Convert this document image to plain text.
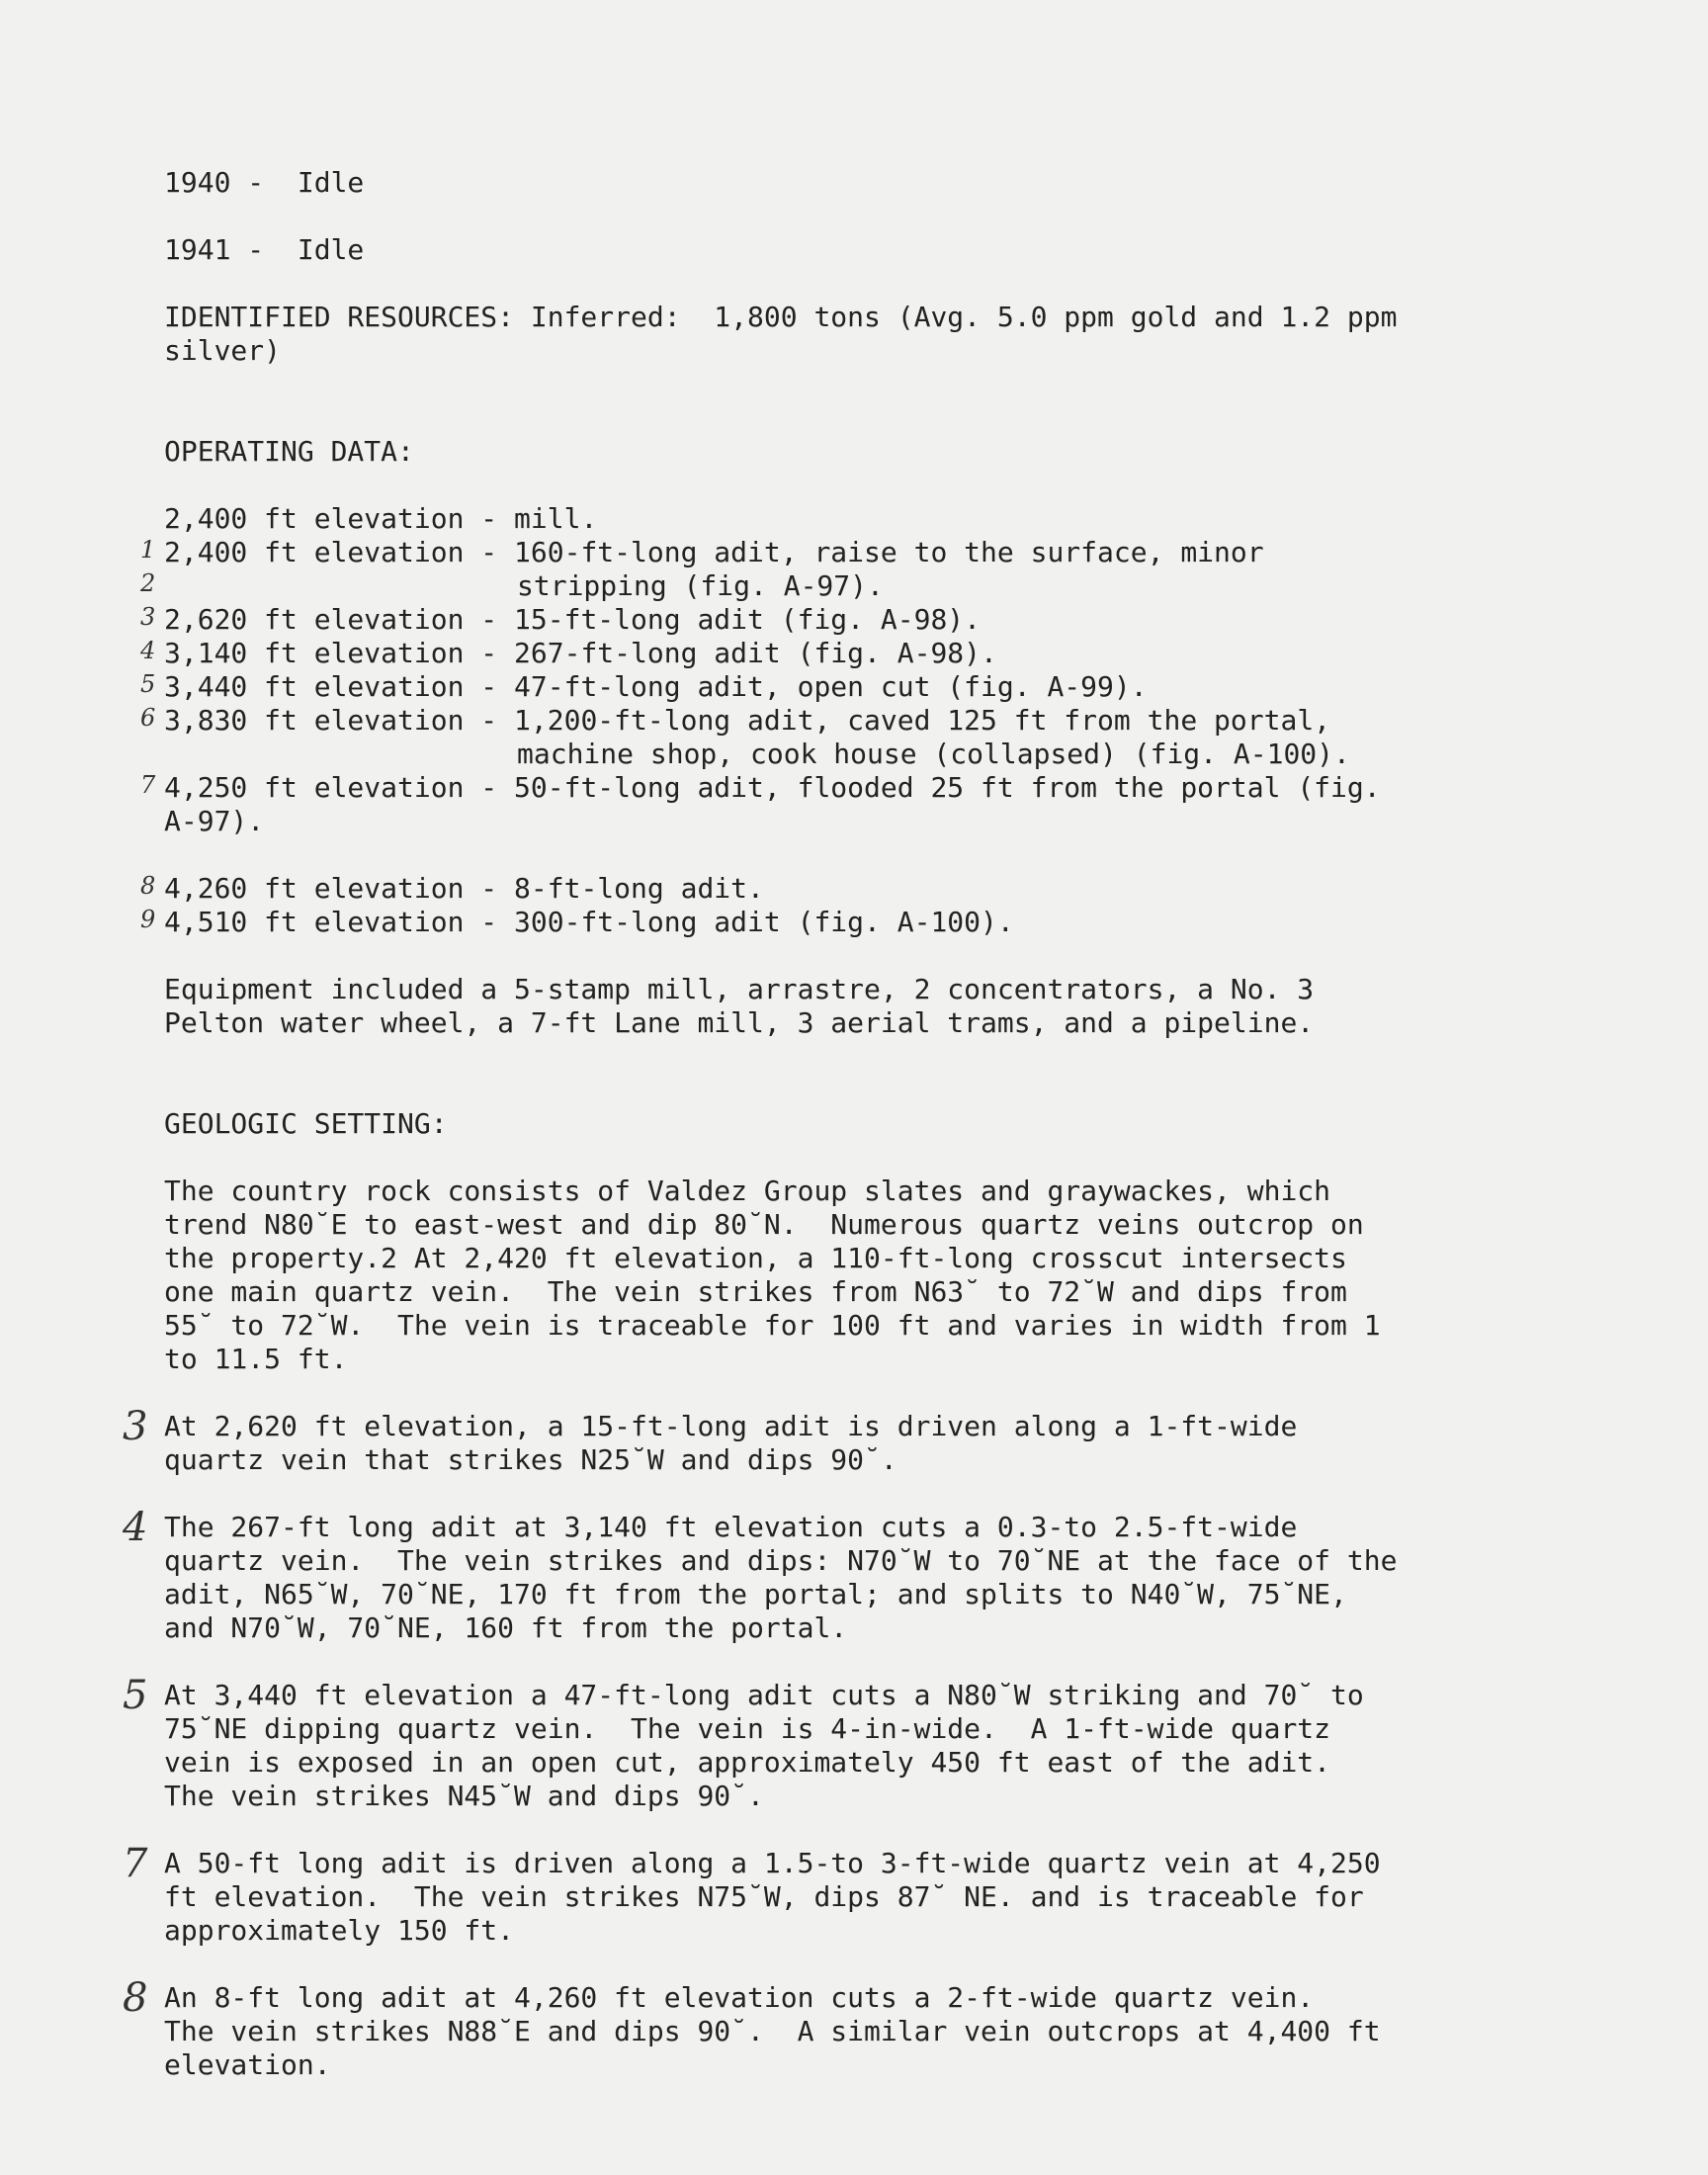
1940 -  Idle

1941 -  Idle

IDENTIFIED RESOURCES: Inferred:  1,800 tons (Avg. 5.0 ppm gold and 1.2 ppm
silver)

OPERATING DATA:

2,400 ft elevation - mill.
2,400 ft elevation - 160-ft-long adit, raise to the surface, minor
stripping (fig. A-97).
2,620 ft elevation - 15-ft-long adit (fig. A-98).
3,140 ft elevation - 267-ft-long adit (fig. A-98).
3,440 ft elevation - 47-ft-long adit, open cut (fig. A-99).
3,830 ft elevation - 1,200-ft-long adit, caved 125 ft from the portal,
machine shop, cook house (collapsed) (fig. A-100).
4,250 ft elevation - 50-ft-long adit, flooded 25 ft from the portal (fig.
A-97).
4,260 ft elevation - 8-ft-long adit.
4,510 ft elevation - 300-ft-long adit (fig. A-100).

Equipment included a 5-stamp mill, arrastre, 2 concentrators, a No. 3
Pelton water wheel, a 7-ft Lane mill, 3 aerial trams, and a pipeline.

GEOLOGIC SETTING:

The country rock consists of Valdez Group slates and graywackes, which
trend N80˘E to east-west and dip 80˘N.  Numerous quartz veins outcrop on
the property.2 At 2,420 ft elevation, a 110-ft-long crosscut intersects
one main quartz vein.  The vein strikes from N63˘ to 72˘W and dips from
55˘ to 72˘W.  The vein is traceable for 100 ft and varies in width from 1
to 11.5 ft.

At 2,620 ft elevation, a 15-ft-long adit is driven along a 1-ft-wide
quartz vein that strikes N25˘W and dips 90˘.

The 267-ft long adit at 3,140 ft elevation cuts a 0.3-to 2.5-ft-wide
quartz vein.  The vein strikes and dips: N70˘W to 70˘NE at the face of the
adit, N65˘W, 70˘NE, 170 ft from the portal; and splits to N40˘W, 75˘NE,
and N70˘W, 70˘NE, 160 ft from the portal.

At 3,440 ft elevation a 47-ft-long adit cuts a N80˘W striking and 70˘ to
75˘NE dipping quartz vein.  The vein is 4-in-wide.  A 1-ft-wide quartz
vein is exposed in an open cut, approximately 450 ft east of the adit.
The vein strikes N45˘W and dips 90˘.

A 50-ft long adit is driven along a 1.5-to 3-ft-wide quartz vein at 4,250
ft elevation.  The vein strikes N75˘W, dips 87˘ NE. and is traceable for
approximately 150 ft.

An 8-ft long adit at 4,260 ft elevation cuts a 2-ft-wide quartz vein.
The vein strikes N88˘E and dips 90˘.  A similar vein outcrops at 4,400 ft
elevation.

1
2
3
4
5
6
7
8
9
3
4
5
7
8
